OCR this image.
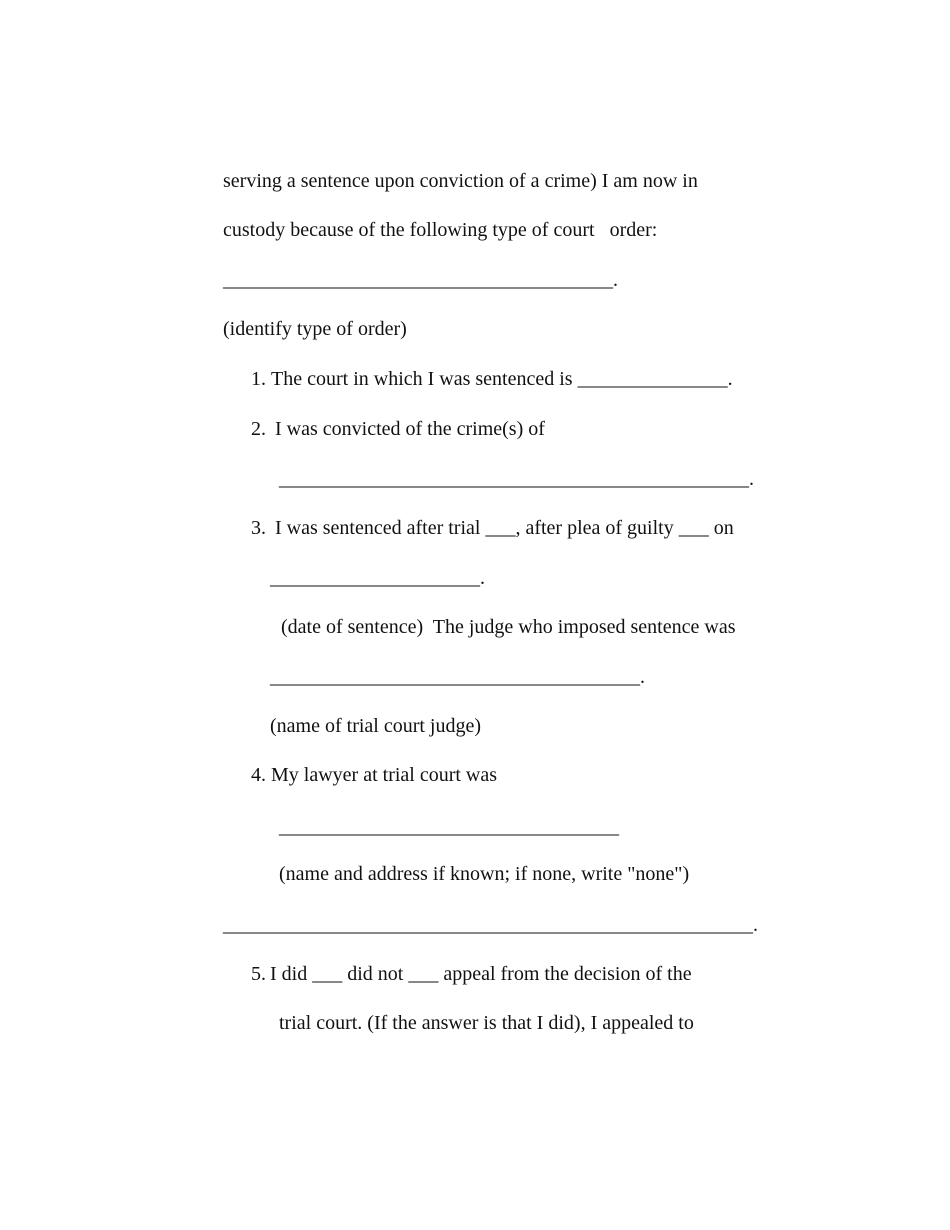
serving a sentence upon conviction of a crime) I am now in
custody because of the following type of court   order:
_______________________________________.
(identify type of order)
1. The court in which I was sentenced is _______________.
2. I was convicted of the crime(s) of
_______________________________________________.
3. I was sentenced after trial ___, after plea of guilty ___ on
_____________________.
(date of sentence)  The judge who imposed sentence was
_____________________________________.
(name of trial court judge)
4. My lawyer at trial court was
__________________________________
(name and address if known; if none, write "none")
_____________________________________________________.
5. I did ___ did not ___ appeal from the decision of the
trial court. (If the answer is that I did), I appealed to
